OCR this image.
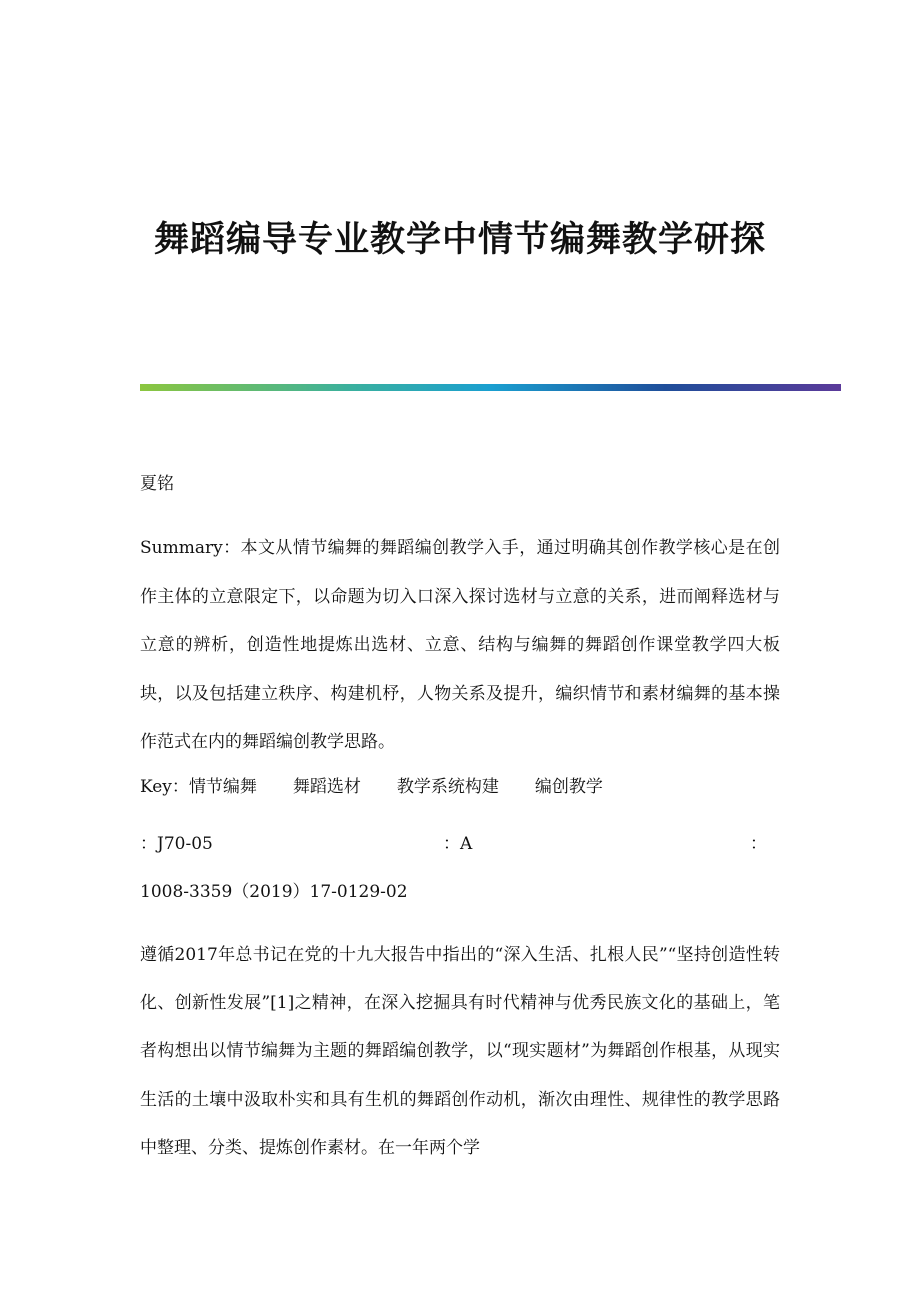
舞蹈编导专业教学中情节编舞教学研探

夏铭

Summary：本文从情节编舞的舞蹈编创教学入手，通过明确其创作教学核心是在创作主体的立意限定下，以命题为切入口深入探讨选材与立意的关系，进而阐释选材与立意的辨析，创造性地提炼出选材、立意、结构与编舞的舞蹈创作课堂教学四大板块，以及包括建立秩序、构建机杼，人物关系及提升，编织情节和素材编舞的基本操作范式在内的舞蹈编创教学思路。

Key：情节编舞 舞蹈选材 教学系统构建 编创教学

：J70-05	：A	：

1008-3359（2019）17-0129-02

遵循2017年总书记在党的十九大报告中指出的“深入生活、扎根人民”“坚持创造性转化、创新性发展”[1]之精神，在深入挖掘具有时代精神与优秀民族文化的基础上，笔者构想出以情节编舞为主题的舞蹈编创教学，以“现实题材”为舞蹈创作根基，从现实生活的土壤中汲取朴实和具有生机的舞蹈创作动机，渐次由理性、规律性的教学思路中整理、分类、提炼创作素材。在一年两个学
